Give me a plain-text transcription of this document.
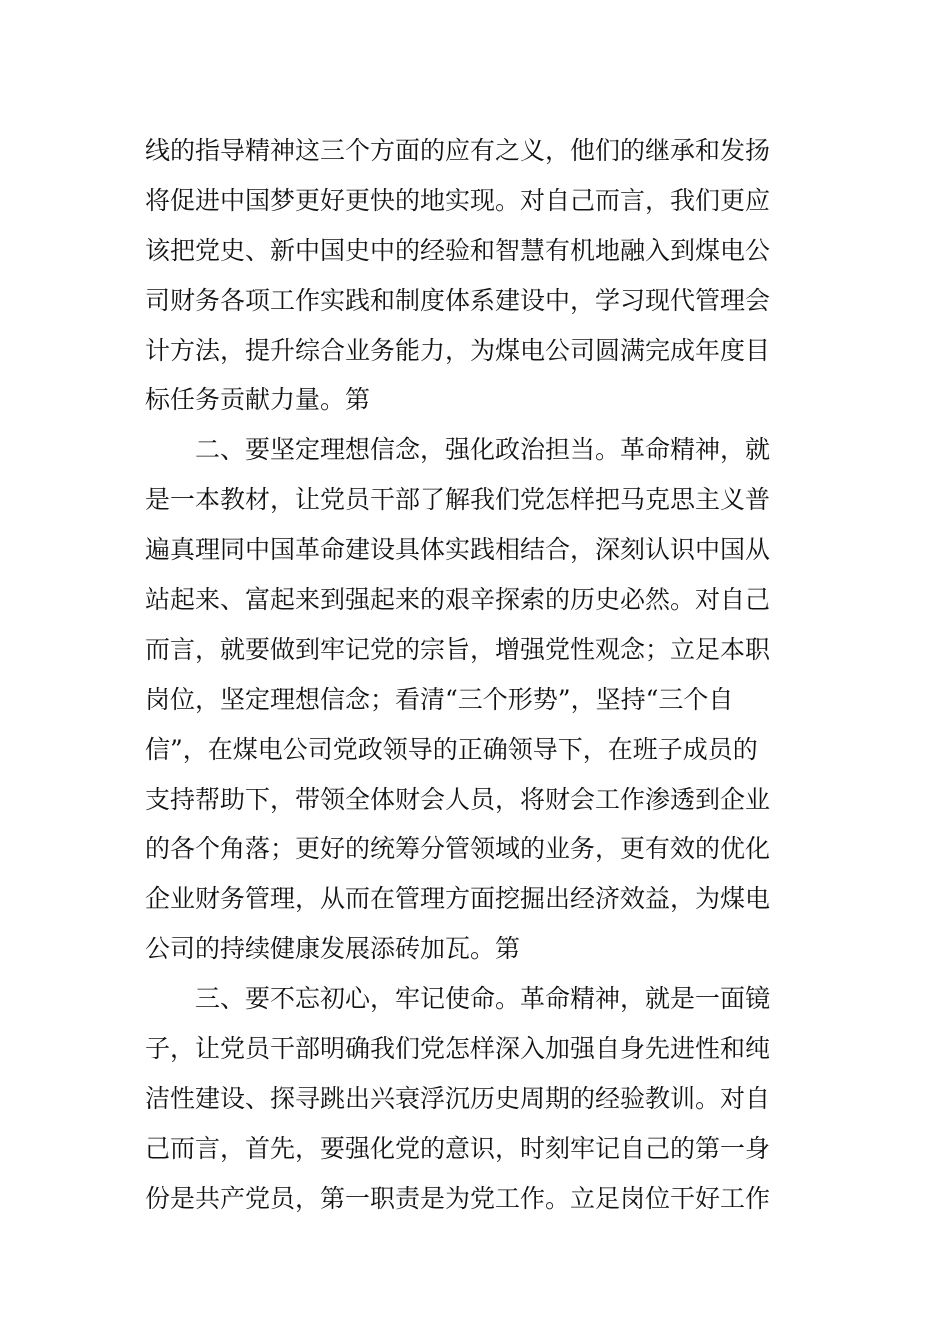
线的指导精神这三个方面的应有之义，他们的继承和发扬
将促进中国梦更好更快的地实现。对自己而言，我们更应
该把党史、新中国史中的经验和智慧有机地融入到煤电公
司财务各项工作实践和制度体系建设中，学习现代管理会
计方法，提升综合业务能力，为煤电公司圆满完成年度目
标任务贡献力量。第
二、要坚定理想信念，强化政治担当。革命精神，就
是一本教材，让党员干部了解我们党怎样把马克思主义普
遍真理同中国革命建设具体实践相结合，深刻认识中国从
站起来、富起来到强起来的艰辛探索的历史必然。对自己
而言，就要做到牢记党的宗旨，增强党性观念；立足本职
岗位，坚定理想信念；看清“三个形势”，坚持“三个自
信”，在煤电公司党政领导的正确领导下，在班子成员的
支持帮助下，带领全体财会人员，将财会工作渗透到企业
的各个角落；更好的统筹分管领域的业务，更有效的优化
企业财务管理，从而在管理方面挖掘出经济效益，为煤电
公司的持续健康发展添砖加瓦。第
三、要不忘初心，牢记使命。革命精神，就是一面镜
子，让党员干部明确我们党怎样深入加强自身先进性和纯
洁性建设、探寻跳出兴衰浮沉历史周期的经验教训。对自
己而言，首先，要强化党的意识，时刻牢记自己的第一身
份是共产党员，第一职责是为党工作。立足岗位干好工作
